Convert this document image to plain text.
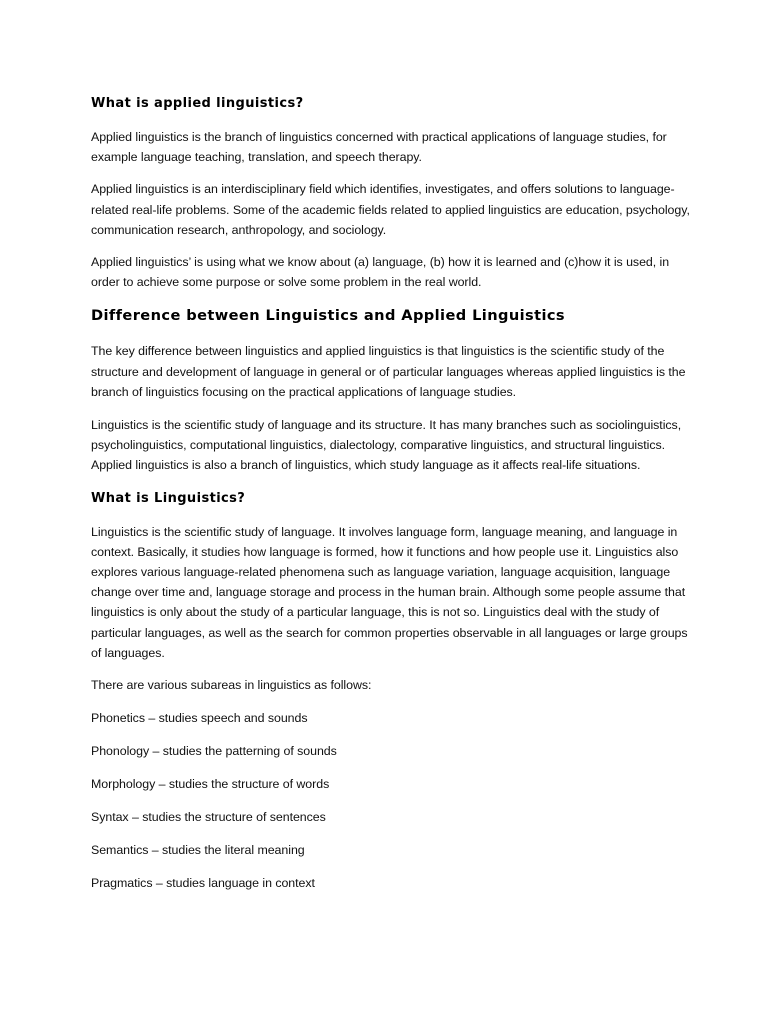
What is applied linguistics?

Applied linguistics is the branch of linguistics concerned with practical applications of language studies, for example language teaching, translation, and speech therapy.

Applied linguistics is an interdisciplinary field which identifies, investigates, and offers solutions to language-related real-life problems. Some of the academic fields related to applied linguistics are education, psychology, communication research, anthropology, and sociology.

Applied linguistics’ is using what we know about (a) language, (b) how it is learned and (c)how it is used, in order to achieve some purpose or solve some problem in the real world.

Difference between Linguistics and Applied Linguistics

The key difference between linguistics and applied linguistics is that linguistics is the scientific study of the structure and development of language in general or of particular languages whereas applied linguistics is the branch of linguistics focusing on the practical applications of language studies.

Linguistics is the scientific study of language and its structure. It has many branches such as sociolinguistics, psycholinguistics, computational linguistics, dialectology, comparative linguistics, and structural linguistics. Applied linguistics is also a branch of linguistics, which study language as it affects real-life situations.

What is Linguistics?

Linguistics is the scientific study of language. It involves language form, language meaning, and language in context. Basically, it studies how language is formed, how it functions and how people use it. Linguistics also explores various language-related phenomena such as language variation, language acquisition, language change over time and, language storage and process in the human brain. Although some people assume that linguistics is only about the study of a particular language, this is not so. Linguistics deal with the study of particular languages, as well as the search for common properties observable in all languages or large groups of languages.

There are various subareas in linguistics as follows:

Phonetics – studies speech and sounds
Phonology – studies the patterning of sounds
Morphology – studies the structure of words
Syntax – studies the structure of sentences
Semantics – studies the literal meaning
Pragmatics – studies language in context
